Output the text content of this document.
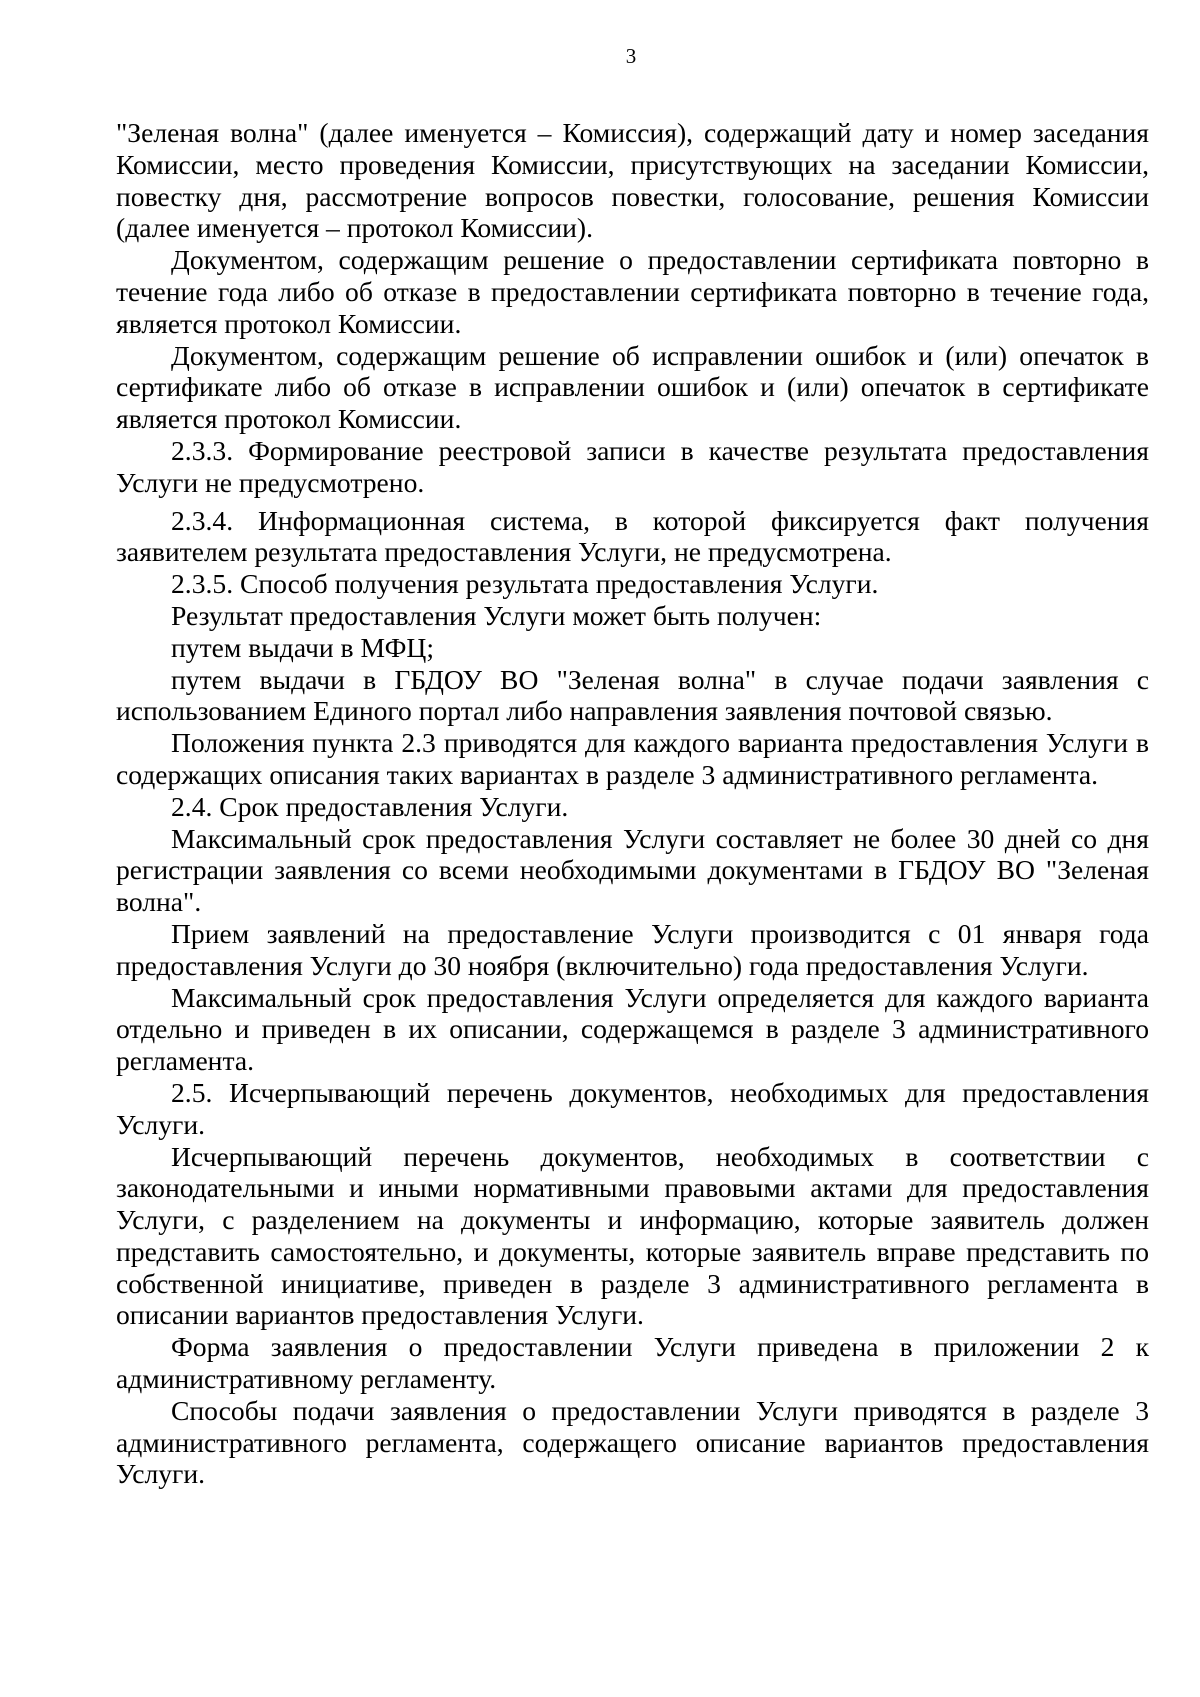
3

"Зеленая волна" (далее именуется – Комиссия), содержащий дату и номер заседания Комиссии, место проведения Комиссии, присутствующих на заседании Комиссии, повестку дня, рассмотрение вопросов повестки, голосование, решения Комиссии (далее именуется – протокол Комиссии).

Документом, содержащим решение о предоставлении сертификата повторно в течение года либо об отказе в предоставлении сертификата повторно в течение года, является протокол Комиссии.

Документом, содержащим решение об исправлении ошибок и (или) опечаток в сертификате либо об отказе в исправлении ошибок и (или) опечаток в сертификате является протокол Комиссии.

2.3.3. Формирование реестровой записи в качестве результата предоставления Услуги не предусмотрено.

2.3.4. Информационная система, в которой фиксируется факт получения заявителем результата предоставления Услуги, не предусмотрена.

2.3.5. Способ получения результата предоставления Услуги.

Результат предоставления Услуги может быть получен:

путем выдачи в МФЦ;

путем выдачи в ГБДОУ ВО "Зеленая волна" в случае подачи заявления с использованием Единого портал либо направления заявления почтовой связью.

Положения пункта 2.3 приводятся для каждого варианта предоставления Услуги в содержащих описания таких вариантах в разделе 3 административного регламента.

2.4. Срок предоставления Услуги.

Максимальный срок предоставления Услуги составляет не более 30 дней со дня регистрации заявления со всеми необходимыми документами в ГБДОУ ВО "Зеленая волна".

Прием заявлений на предоставление Услуги производится с 01 января года предоставления Услуги до 30 ноября (включительно) года предоставления Услуги.

Максимальный срок предоставления Услуги определяется для каждого варианта отдельно и приведен в их описании, содержащемся в разделе 3 административного регламента.

2.5. Исчерпывающий перечень документов, необходимых для предоставления Услуги.

Исчерпывающий перечень документов, необходимых в соответствии с законодательными и иными нормативными правовыми актами для предоставления Услуги, с разделением на документы и информацию, которые заявитель должен представить самостоятельно, и документы, которые заявитель вправе представить по собственной инициативе, приведен в разделе 3 административного регламента в описании вариантов предоставления Услуги.

Форма заявления о предоставлении Услуги приведена в приложении 2 к административному регламенту.

Способы подачи заявления о предоставлении Услуги приводятся в разделе 3 административного регламента, содержащего описание вариантов предоставления Услуги.
